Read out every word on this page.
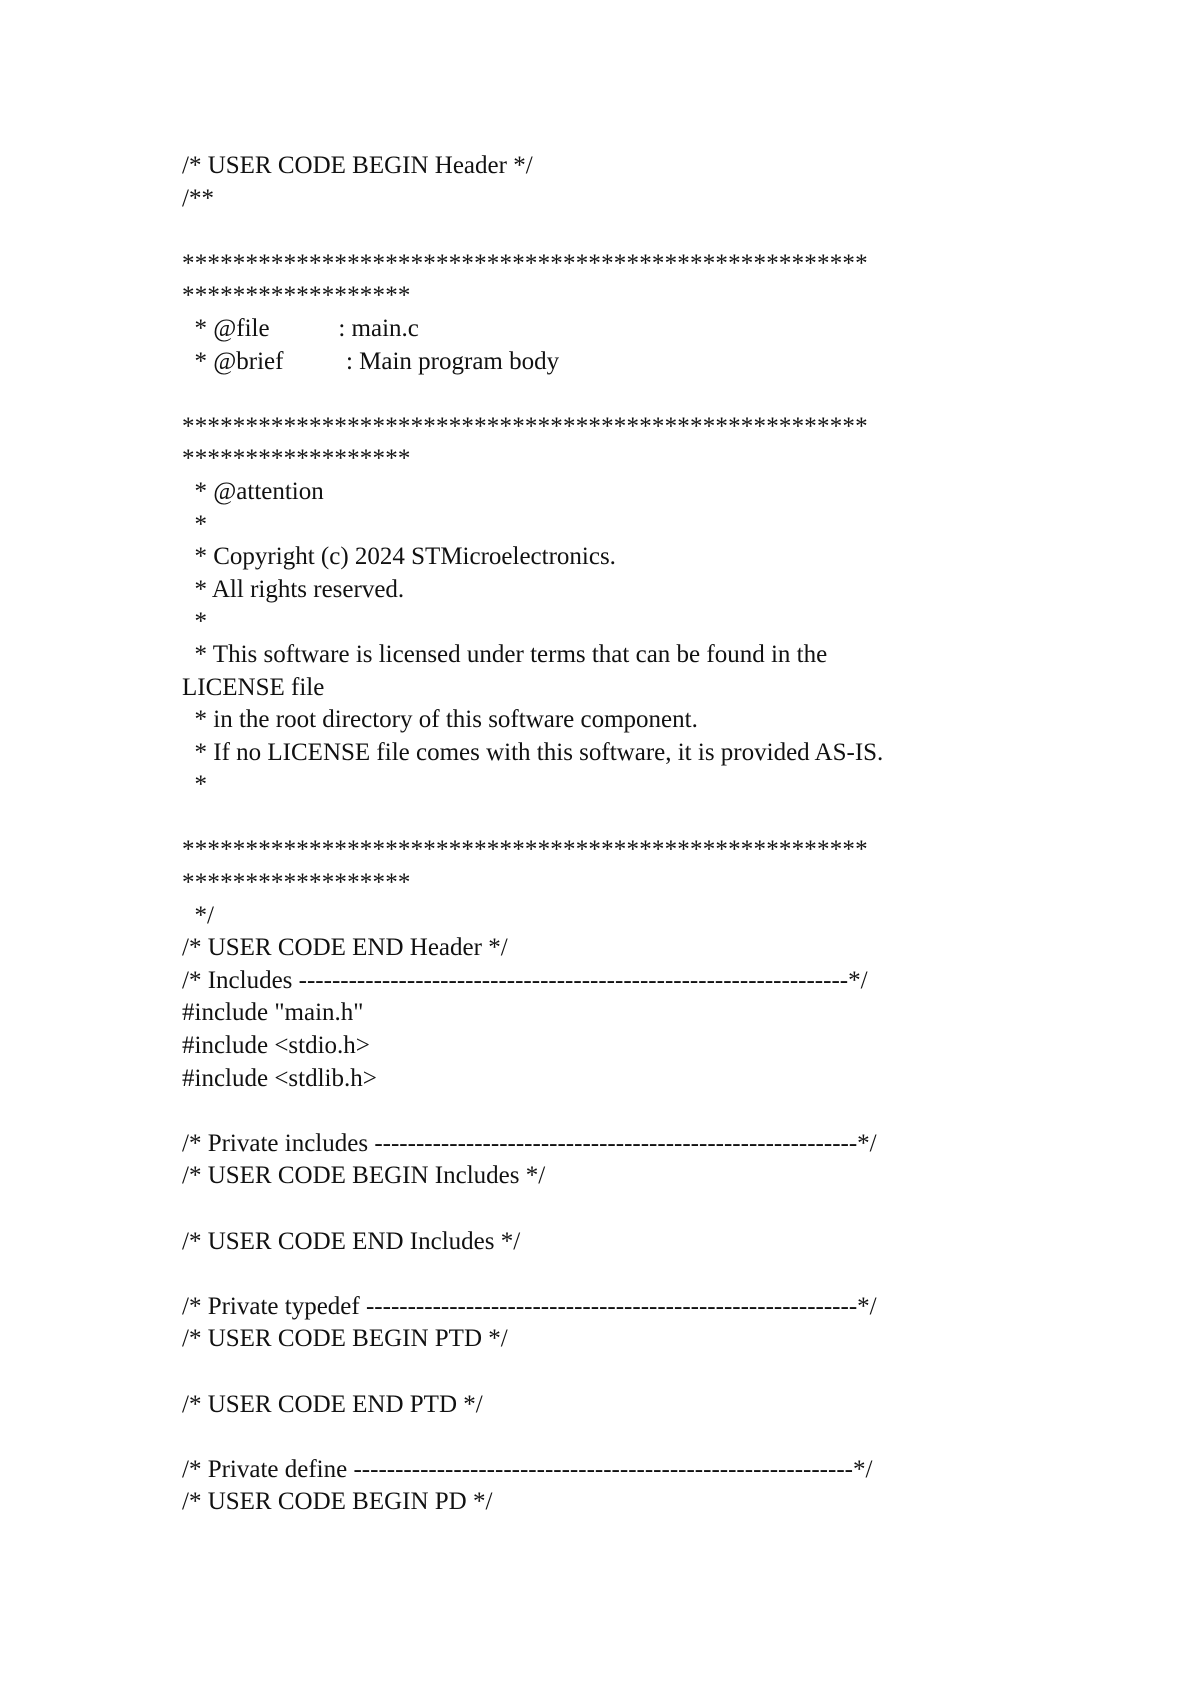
/* USER CODE BEGIN Header */
/**
******************************************************
******************
* @file           : main.c
* @brief          : Main program body
******************************************************
******************
* @attention
*
* Copyright (c) 2024 STMicroelectronics.
* All rights reserved.
*
* This software is licensed under terms that can be found in the
LICENSE file
* in the root directory of this software component.
* If no LICENSE file comes with this software, it is provided AS-IS.
*
******************************************************
******************
*/
/* USER CODE END Header */
/* Includes ------------------------------------------------------------------*/
#include "main.h"
#include <stdio.h>
#include <stdlib.h>
/* Private includes ----------------------------------------------------------*/
/* USER CODE BEGIN Includes */
/* USER CODE END Includes */
/* Private typedef -----------------------------------------------------------*/
/* USER CODE BEGIN PTD */
/* USER CODE END PTD */
/* Private define ------------------------------------------------------------*/
/* USER CODE BEGIN PD */
